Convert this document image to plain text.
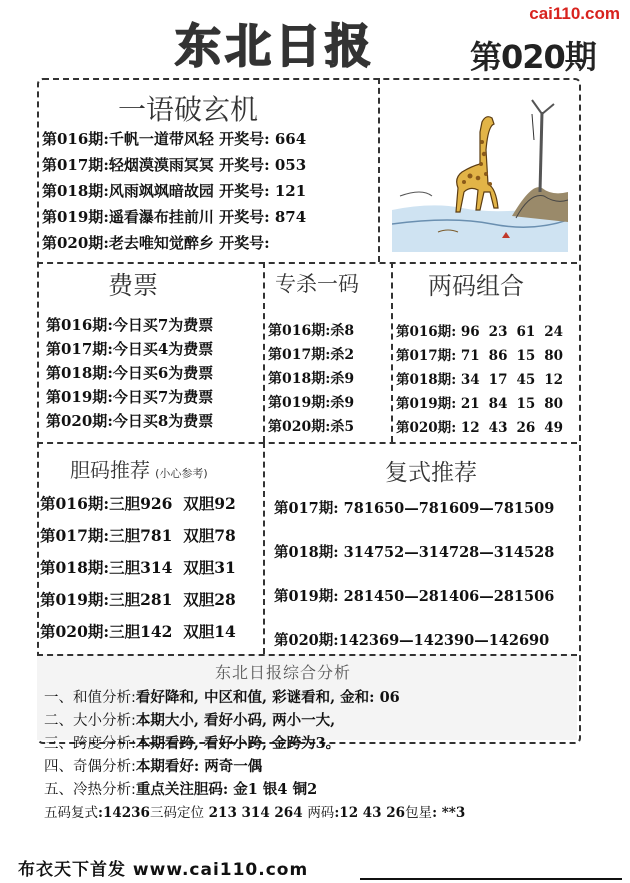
cai110.com
东北日报	第020期
一语破玄机
第016期:千帆一道带风轻 开奖号: 664
第017期:轻烟漠漠雨冥冥 开奖号: 053
第018期:风雨飒飒暗故园 开奖号: 121
第019期:遥看瀑布挂前川 开奖号: 874
第020期:老去唯知觉醉乡 开奖号:
费票
第016期:今日买7为费票
第017期:今日买4为费票
第018期:今日买6为费票
第019期:今日买7为费票
第020期:今日买8为费票
专杀一码
第016期:杀8
第017期:杀2
第018期:杀9
第019期:杀9
第020期:杀5
两码组合
第016期: 96 23 61 24
第017期: 71 86 15 80
第018期: 34 17 45 12
第019期: 21 84 15 80
第020期: 12 43 26 49
胆码推荐 (小心参考)
第016期:三胆926 双胆92
第017期:三胆781 双胆78
第018期:三胆314 双胆31
第019期:三胆281 双胆28
第020期:三胆142 双胆14
复式推荐
第017期: 781650—781609—781509
第018期: 314752—314728—314528
第019期: 281450—281406—281506
第020期:142369—142390—142690
东北日报综合分析
一、和值分析:看好降和, 中区和值, 彩谜看和, 金和: 06
二、大小分析:本期大小, 看好小码, 两小一大,
三、跨度分析:本期看跨, 看好小跨, 金跨为3。
四、奇偶分析:本期看好: 两奇一偶
五、冷热分析:重点关注胆码: 金1 银4 铜2
五码复式:14236三码定位 213 314 264 两码:12 43 26包星: **3
布衣天下首发 www.cai110.com
